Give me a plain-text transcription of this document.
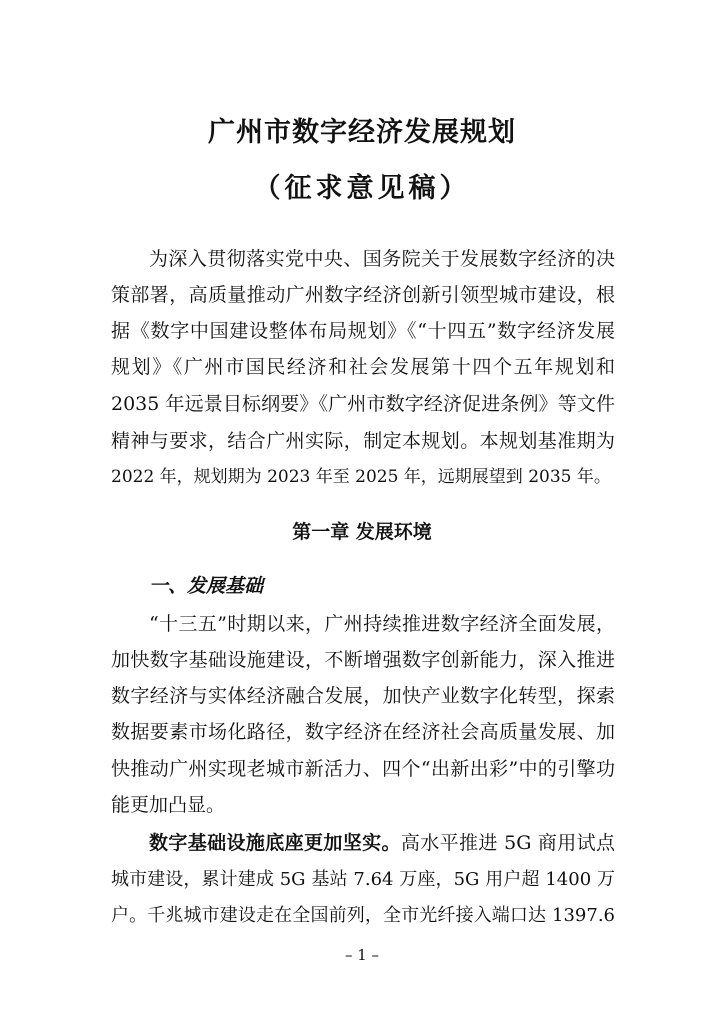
广州市数字经济发展规划
（征求意见稿）
为深入贯彻落实党中央、国务院关于发展数字经济的决
策部署，高质量推动广州数字经济创新引领型城市建设，根
据《数字中国建设整体布局规划》《“十四五”数字经济发展
规划》《广州市国民经济和社会发展第十四个五年规划和
2035 年远景目标纲要》《广州市数字经济促进条例》等文件
精神与要求，结合广州实际，制定本规划。本规划基准期为
2022 年，规划期为 2023 年至 2025 年，远期展望到 2035 年。
第一章 发展环境
一、发展基础
“十三五”时期以来，广州持续推进数字经济全面发展，
加快数字基础设施建设，不断增强数字创新能力，深入推进
数字经济与实体经济融合发展，加快产业数字化转型，探索
数据要素市场化路径，数字经济在经济社会高质量发展、加
快推动广州实现老城市新活力、四个“出新出彩”中的引擎功
能更加凸显。
数字基础设施底座更加坚实。高水平推进 5G 商用试点
城市建设，累计建成 5G 基站 7.64 万座，5G 用户超 1400 万
户。千兆城市建设走在全国前列，全市光纤接入端口达 1397.6
– 1 –
